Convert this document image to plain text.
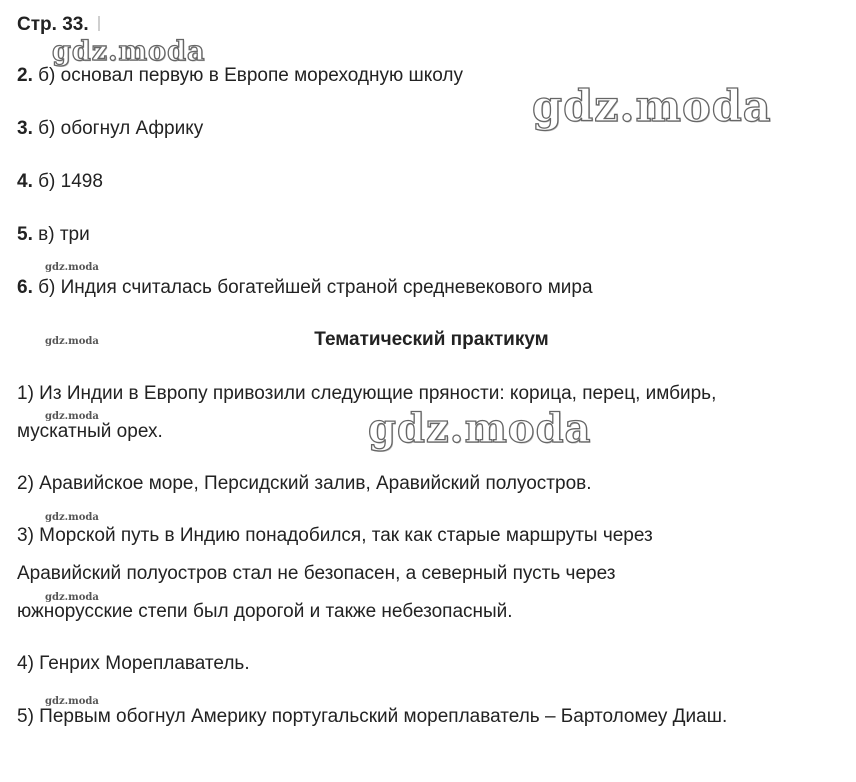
Стр. 33.
gdz.moda
gdz.moda
gdz.moda
gdz.moda
gdz.moda
gdz.moda
gdz.moda
gdz.moda
gdz.moda
2. б) основал первую в Европе мореходную школу
3. б) обогнул Африку
4. б) 1498
5. в) три
6. б) Индия считалась богатейшей страной средневекового мира
Тематический практикум
1) Из Индии в Европу привозили следующие пряности: корица, перец, имбирь,
мускатный орех.
2) Аравийское море, Персидский залив, Аравийский полуостров.
3) Морской путь в Индию понадобился, так как старые маршруты через
Аравийский полуостров стал не безопасен, а северный пусть через
южнорусские степи был дорогой и также небезопасный.
4) Генрих Мореплаватель.
5) Первым обогнул Америку португальский мореплаватель – Бартоломеу Диаш.
